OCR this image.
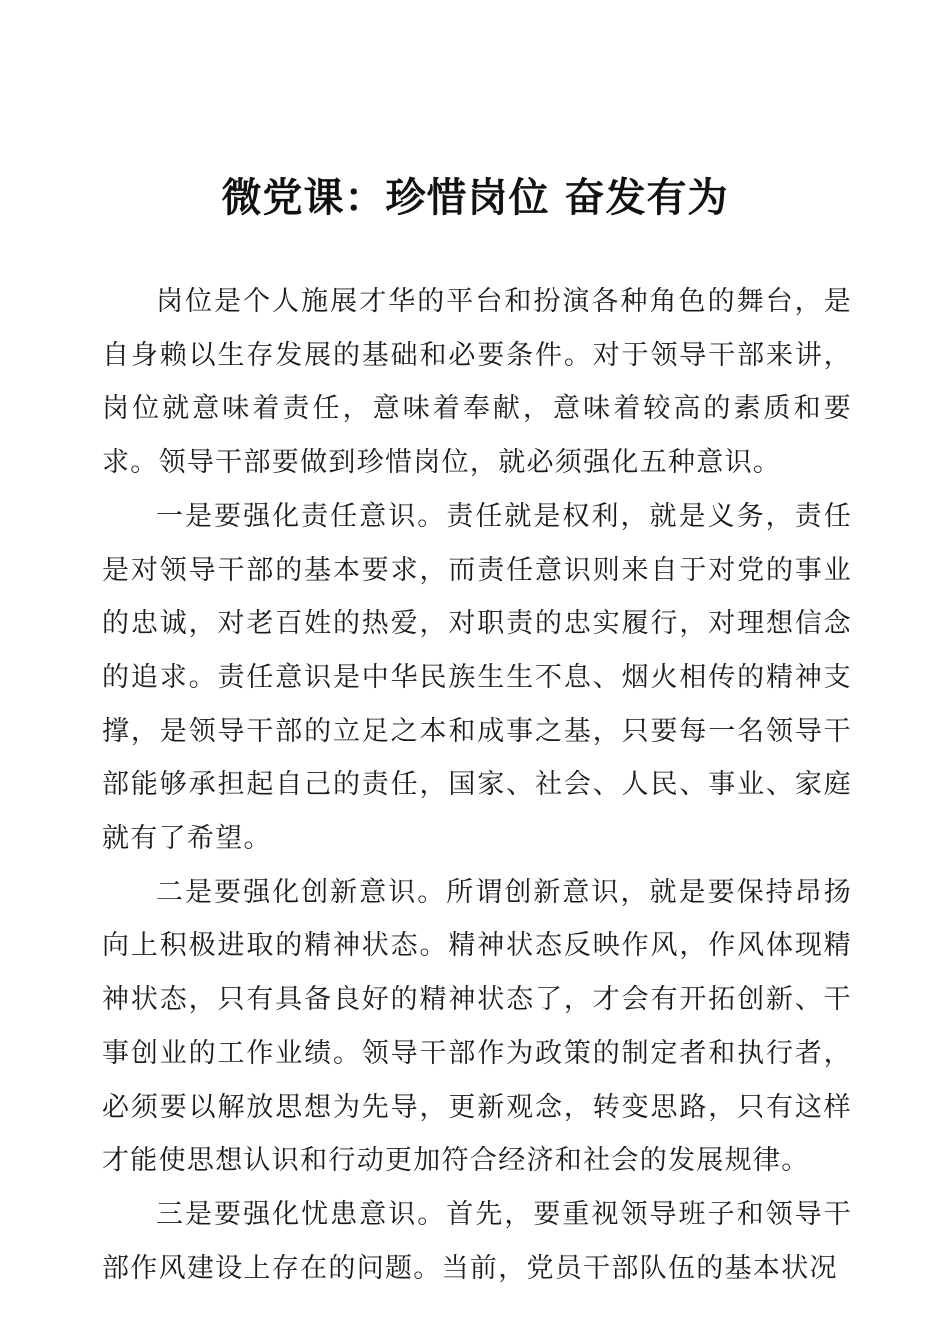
微党课：珍惜岗位 奋发有为

岗位是个人施展才华的平台和扮演各种角色的舞台，是自身赖以生存发展的基础和必要条件。对于领导干部来讲，岗位就意味着责任，意味着奉献，意味着较高的素质和要求。领导干部要做到珍惜岗位，就必须强化五种意识。

一是要强化责任意识。责任就是权利，就是义务，责任是对领导干部的基本要求，而责任意识则来自于对党的事业的忠诚，对老百姓的热爱，对职责的忠实履行，对理想信念的追求。责任意识是中华民族生生不息、烟火相传的精神支撑，是领导干部的立足之本和成事之基，只要每一名领导干部能够承担起自己的责任，国家、社会、人民、事业、家庭就有了希望。

二是要强化创新意识。所谓创新意识，就是要保持昂扬向上积极进取的精神状态。精神状态反映作风，作风体现精神状态，只有具备良好的精神状态了，才会有开拓创新、干事创业的工作业绩。领导干部作为政策的制定者和执行者，必须要以解放思想为先导，更新观念，转变思路，只有这样才能使思想认识和行动更加符合经济和社会的发展规律。

三是要强化忧患意识。首先，要重视领导班子和领导干部作风建设上存在的问题。当前，党员干部队伍的基本状况
